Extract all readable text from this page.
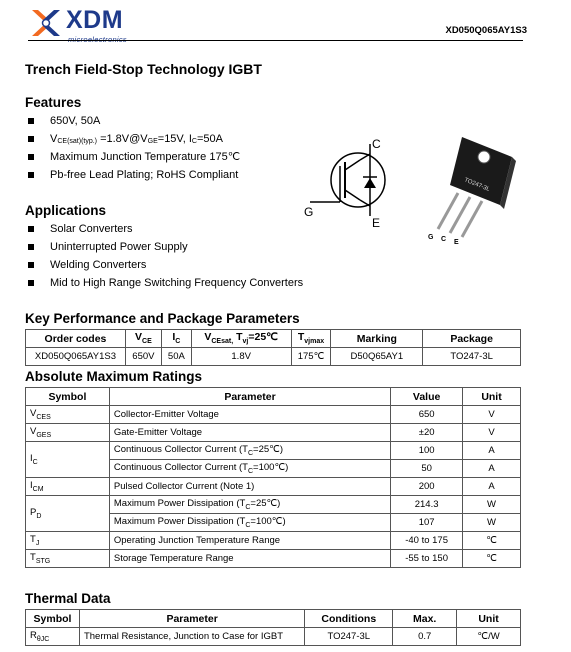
XDM
microelectronics
XD050Q065AY1S3
Trench Field-Stop Technology IGBT
Features
650V, 50A
$V_{CE(sat)(typ.)}$ $=1.8V@V_{GE}=15V$, $I_C=50A$
Maximum Junction Temperature 175℃
Pb-free Lead Plating; RoHS Compliant
C
G
E
TO247-3L
G C E
Applications
Solar Converters
Uninterrupted Power Supply
Welding Converters
Mid to High Range Switching Frequency Converters
Key Performance and Package Parameters
Order codes	$V_{CE}$	$I_C$	$V_{CEsat,}$ $T_{vj}=25℃$	$T_{vjmax}$	Marking	Package
XD050Q065AY1S3	650V	50A	1.8V	175℃	D50Q65AY1	TO247-3L
Absolute Maximum Ratings
Symbol	Parameter	Value	Unit
$V_{CES}$	Collector-Emitter Voltage	650	V
$V_{GES}$	Gate-Emitter Voltage	±20	V
$I_C$	Continuous Collector Current $(T_C=25℃)$	100	A
	Continuous Collector Current $(T_C=100℃)$	50	A
$I_{CM}$	Pulsed Collector Current (Note 1)	200	A
$P_D$	Maximum Power Dissipation $(T_C=25℃)$	214.3	W
	Maximum Power Dissipation $(T_C=100℃)$	107	W
$T_J$	Operating Junction Temperature Range	-40 to 175	℃
$T_{STG}$	Storage Temperature Range	-55 to 150	℃
Thermal Data
Symbol	Parameter	Conditions	Max.	Unit
$R_{\theta JC}$	Thermal Resistance, Junction to Case for IGBT	TO247-3L	0.7	℃/W
